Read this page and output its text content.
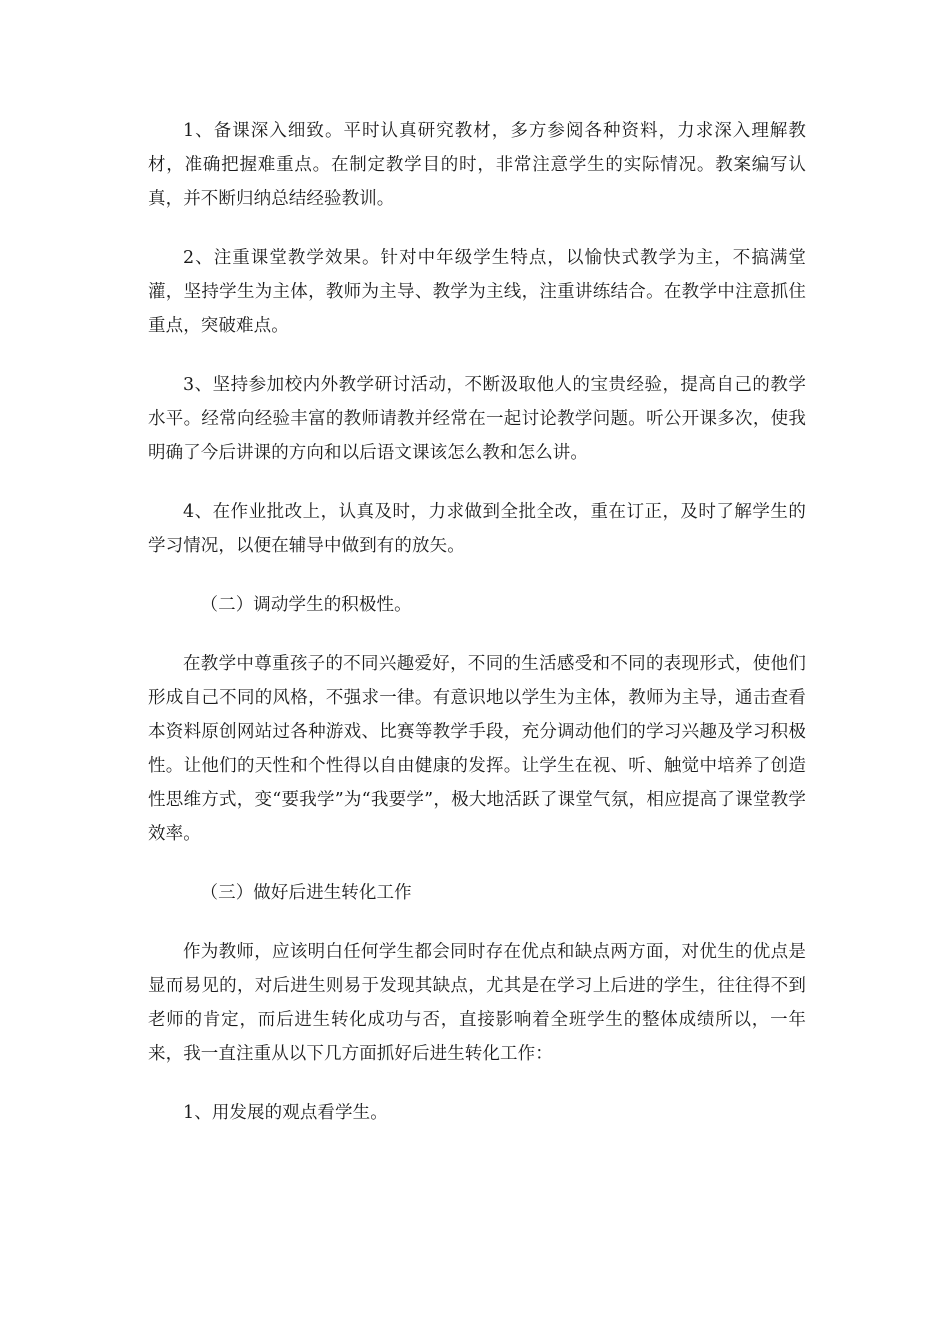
1、备课深入细致。平时认真研究教材，多方参阅各种资料，力求深入理解教材，准确把握难重点。在制定教学目的时，非常注意学生的实际情况。教案编写认真，并不断归纳总结经验教训。

2、注重课堂教学效果。针对中年级学生特点，以愉快式教学为主，不搞满堂灌，坚持学生为主体，教师为主导、教学为主线，注重讲练结合。在教学中注意抓住重点，突破难点。

3、坚持参加校内外教学研讨活动，不断汲取他人的宝贵经验，提高自己的教学水平。经常向经验丰富的教师请教并经常在一起讨论教学问题。听公开课多次，使我明确了今后讲课的方向和以后语文课该怎么教和怎么讲。

4、在作业批改上，认真及时，力求做到全批全改，重在订正，及时了解学生的学习情况，以便在辅导中做到有的放矢。

（二）调动学生的积极性。

在教学中尊重孩子的不同兴趣爱好，不同的生活感受和不同的表现形式，使他们形成自己不同的风格，不强求一律。有意识地以学生为主体，教师为主导，通击查看本资料原创网站过各种游戏、比赛等教学手段，充分调动他们的学习兴趣及学习积极性。让他们的天性和个性得以自由健康的发挥。让学生在视、听、触觉中培养了创造性思维方式，变“要我学”为“我要学”，极大地活跃了课堂气氛，相应提高了课堂教学效率。

（三）做好后进生转化工作

作为教师，应该明白任何学生都会同时存在优点和缺点两方面，对优生的优点是显而易见的，对后进生则易于发现其缺点，尤其是在学习上后进的学生，往往得不到老师的肯定，而后进生转化成功与否，直接影响着全班学生的整体成绩所以，一年来，我一直注重从以下几方面抓好后进生转化工作：

1、用发展的观点看学生。
